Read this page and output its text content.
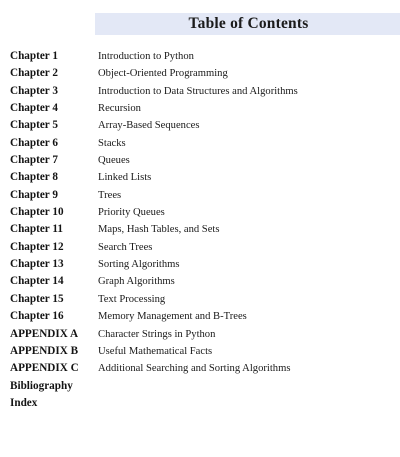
Table of Contents
Chapter 1	Introduction to Python
Chapter 2	Object-Oriented Programming
Chapter 3	Introduction to Data Structures and Algorithms
Chapter 4	Recursion
Chapter 5	Array-Based Sequences
Chapter 6	Stacks
Chapter 7	Queues
Chapter 8	Linked Lists
Chapter 9	Trees
Chapter 10	Priority Queues
Chapter 11	Maps, Hash Tables, and Sets
Chapter 12	Search Trees
Chapter 13	Sorting Algorithms
Chapter 14	Graph Algorithms
Chapter 15	Text Processing
Chapter 16	Memory Management and B-Trees
APPENDIX A Character Strings in Python
APPENDIX B Useful Mathematical Facts
APPENDIX C Additional Searching and Sorting Algorithms
Bibliography
Index
